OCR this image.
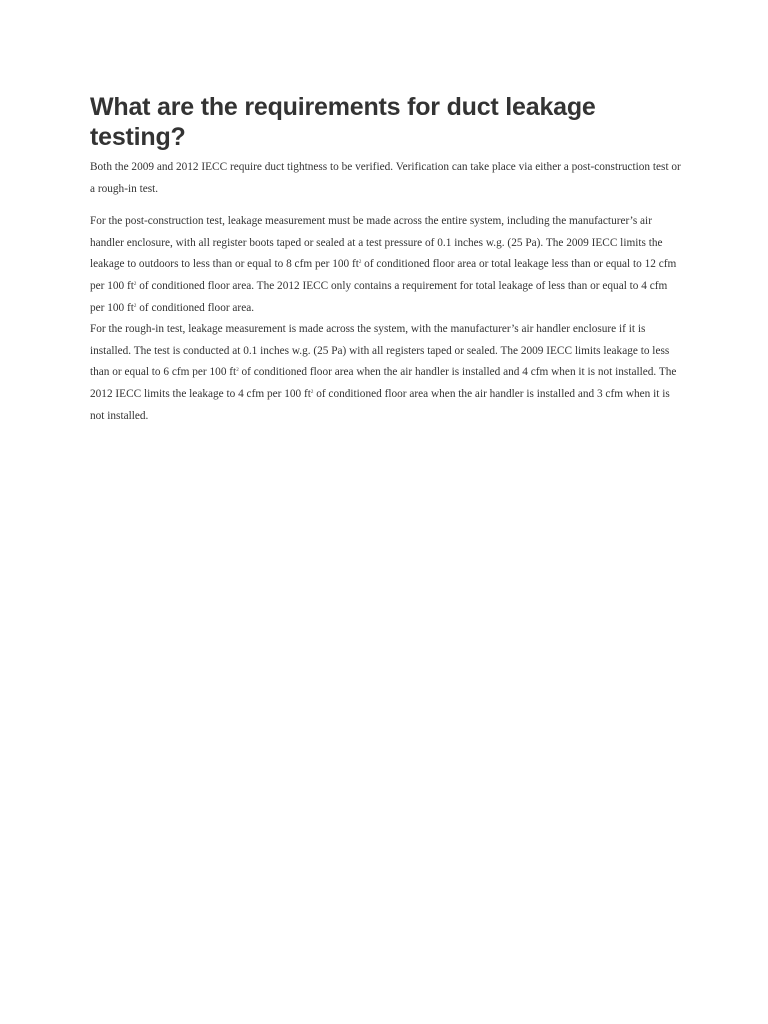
What are the requirements for duct leakage testing?

Both the 2009 and 2012 IECC require duct tightness to be verified. Verification can take place via either a post-construction test or a rough-in test.

For the post-construction test, leakage measurement must be made across the entire system, including the manufacturer’s air handler enclosure, with all register boots taped or sealed at a test pressure of 0.1 inches w.g. (25 Pa). The 2009 IECC limits the leakage to outdoors to less than or equal to 8 cfm per 100 $ft^2$ of conditioned floor area or total leakage less than or equal to 12 cfm per 100 $ft^2$ of conditioned floor area. The 2012 IECC only contains a requirement for total leakage of less than or equal to 4 cfm per 100 $ft^2$ of conditioned floor area.

For the rough-in test, leakage measurement is made across the system, with the manufacturer’s air handler enclosure if it is installed. The test is conducted at 0.1 inches w.g. (25 Pa) with all registers taped or sealed. The 2009 IECC limits leakage to less than or equal to 6 cfm per 100 $ft^2$ of conditioned floor area when the air handler is installed and 4 cfm when it is not installed. The 2012 IECC limits the leakage to 4 cfm per 100 $ft^2$ of conditioned floor area when the air handler is installed and 3 cfm when it is not installed.
